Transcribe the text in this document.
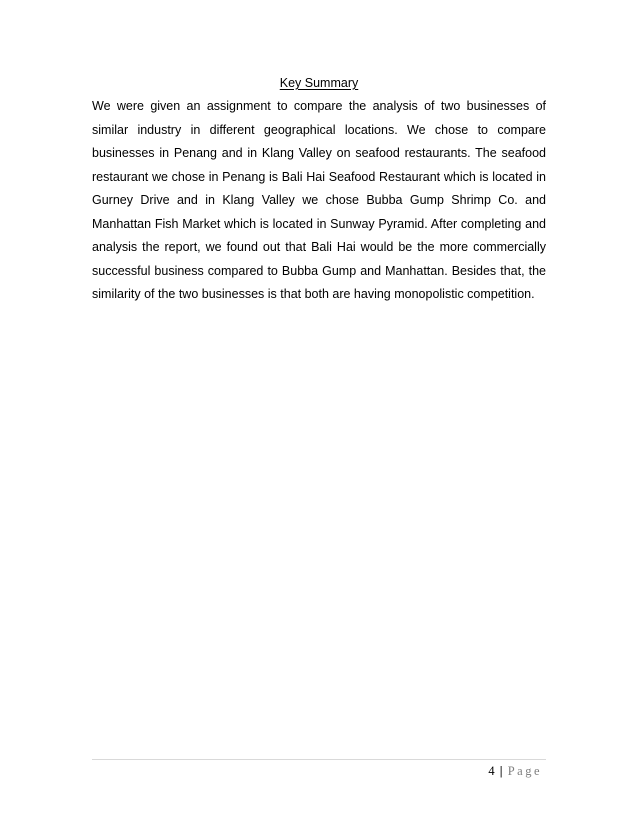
Key Summary
We were given an assignment to compare the analysis of two businesses of
similar industry in different geographical locations. We chose to compare
businesses in Penang and in Klang Valley on seafood restaurants. The seafood
restaurant we chose in Penang is Bali Hai Seafood Restaurant which is located in
Gurney Drive and in Klang Valley we chose Bubba Gump Shrimp Co. and
Manhattan Fish Market which is located in Sunway Pyramid. After completing and
analysis the report, we found out that Bali Hai would be the more commercially
successful business compared to Bubba Gump and Manhattan. Besides that, the
similarity of the two businesses is that both are having monopolistic competition.
4 | Page
